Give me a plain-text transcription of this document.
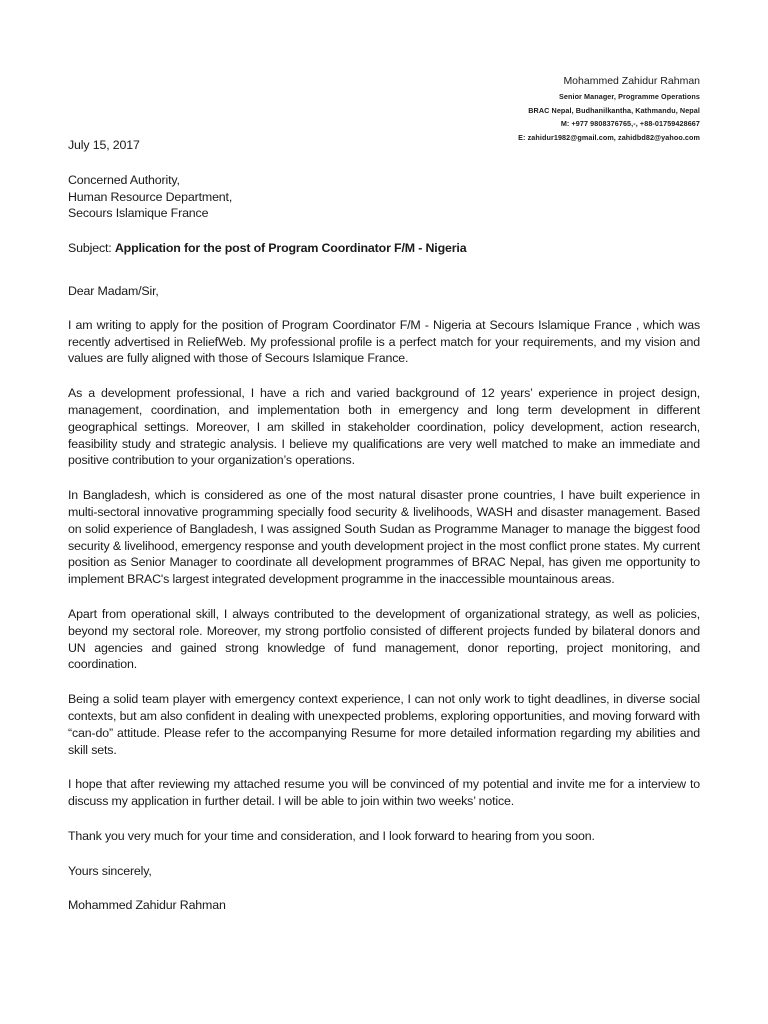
Mohammed Zahidur Rahman
Senior Manager, Programme Operations
BRAC Nepal, Budhanilkantha, Kathmandu, Nepal
M: +977 9808376765,-, +88-01759428667
E: zahidur1982@gmail.com, zahidbd82@yahoo.com

July 15, 2017

Concerned Authority,

Human Resource Department,

Secours Islamique France

Subject: Application for the post of Program Coordinator F/M - Nigeria

Dear Madam/Sir,

I am writing to apply for the position of Program Coordinator F/M - Nigeria at Secours Islamique France , which was recently advertised in ReliefWeb. My professional profile is a perfect match for your requirements, and my vision and values are fully aligned with those of Secours Islamique France.

As a development professional, I have a rich and varied background of 12 years’ experience in project design, management, coordination, and implementation both in emergency and long term development in different geographical settings. Moreover, I am skilled in stakeholder coordination, policy development, action research, feasibility study and strategic analysis. I believe my qualifications are very well matched to make an immediate and positive contribution to your organization’s operations.

In Bangladesh, which is considered as one of the most natural disaster prone countries, I have built experience in multi-sectoral innovative programming specially food security & livelihoods, WASH and disaster management. Based on solid experience of Bangladesh, I was assigned South Sudan as Programme Manager to manage the biggest food security & livelihood, emergency response and youth development project in the most conflict prone states. My current position as Senior Manager to coordinate all development programmes of BRAC Nepal, has given me opportunity to implement BRAC's largest integrated development programme in the inaccessible mountainous areas.

Apart from operational skill, I always contributed to the development of organizational strategy, as well as policies, beyond my sectoral role. Moreover, my strong portfolio consisted of different projects funded by bilateral donors and UN agencies and gained strong knowledge of fund management, donor reporting, project monitoring, and coordination.

Being a solid team player with emergency context experience, I can not only work to tight deadlines, in diverse social contexts, but am also confident in dealing with unexpected problems, exploring opportunities, and moving forward with “can-do” attitude. Please refer to the accompanying Resume for more detailed information regarding my abilities and skill sets.

I hope that after reviewing my attached resume you will be convinced of my potential and invite me for a interview to discuss my application in further detail. I will be able to join within two weeks’ notice.

Thank you very much for your time and consideration, and I look forward to hearing from you soon.

Yours sincerely,

Mohammed Zahidur Rahman
